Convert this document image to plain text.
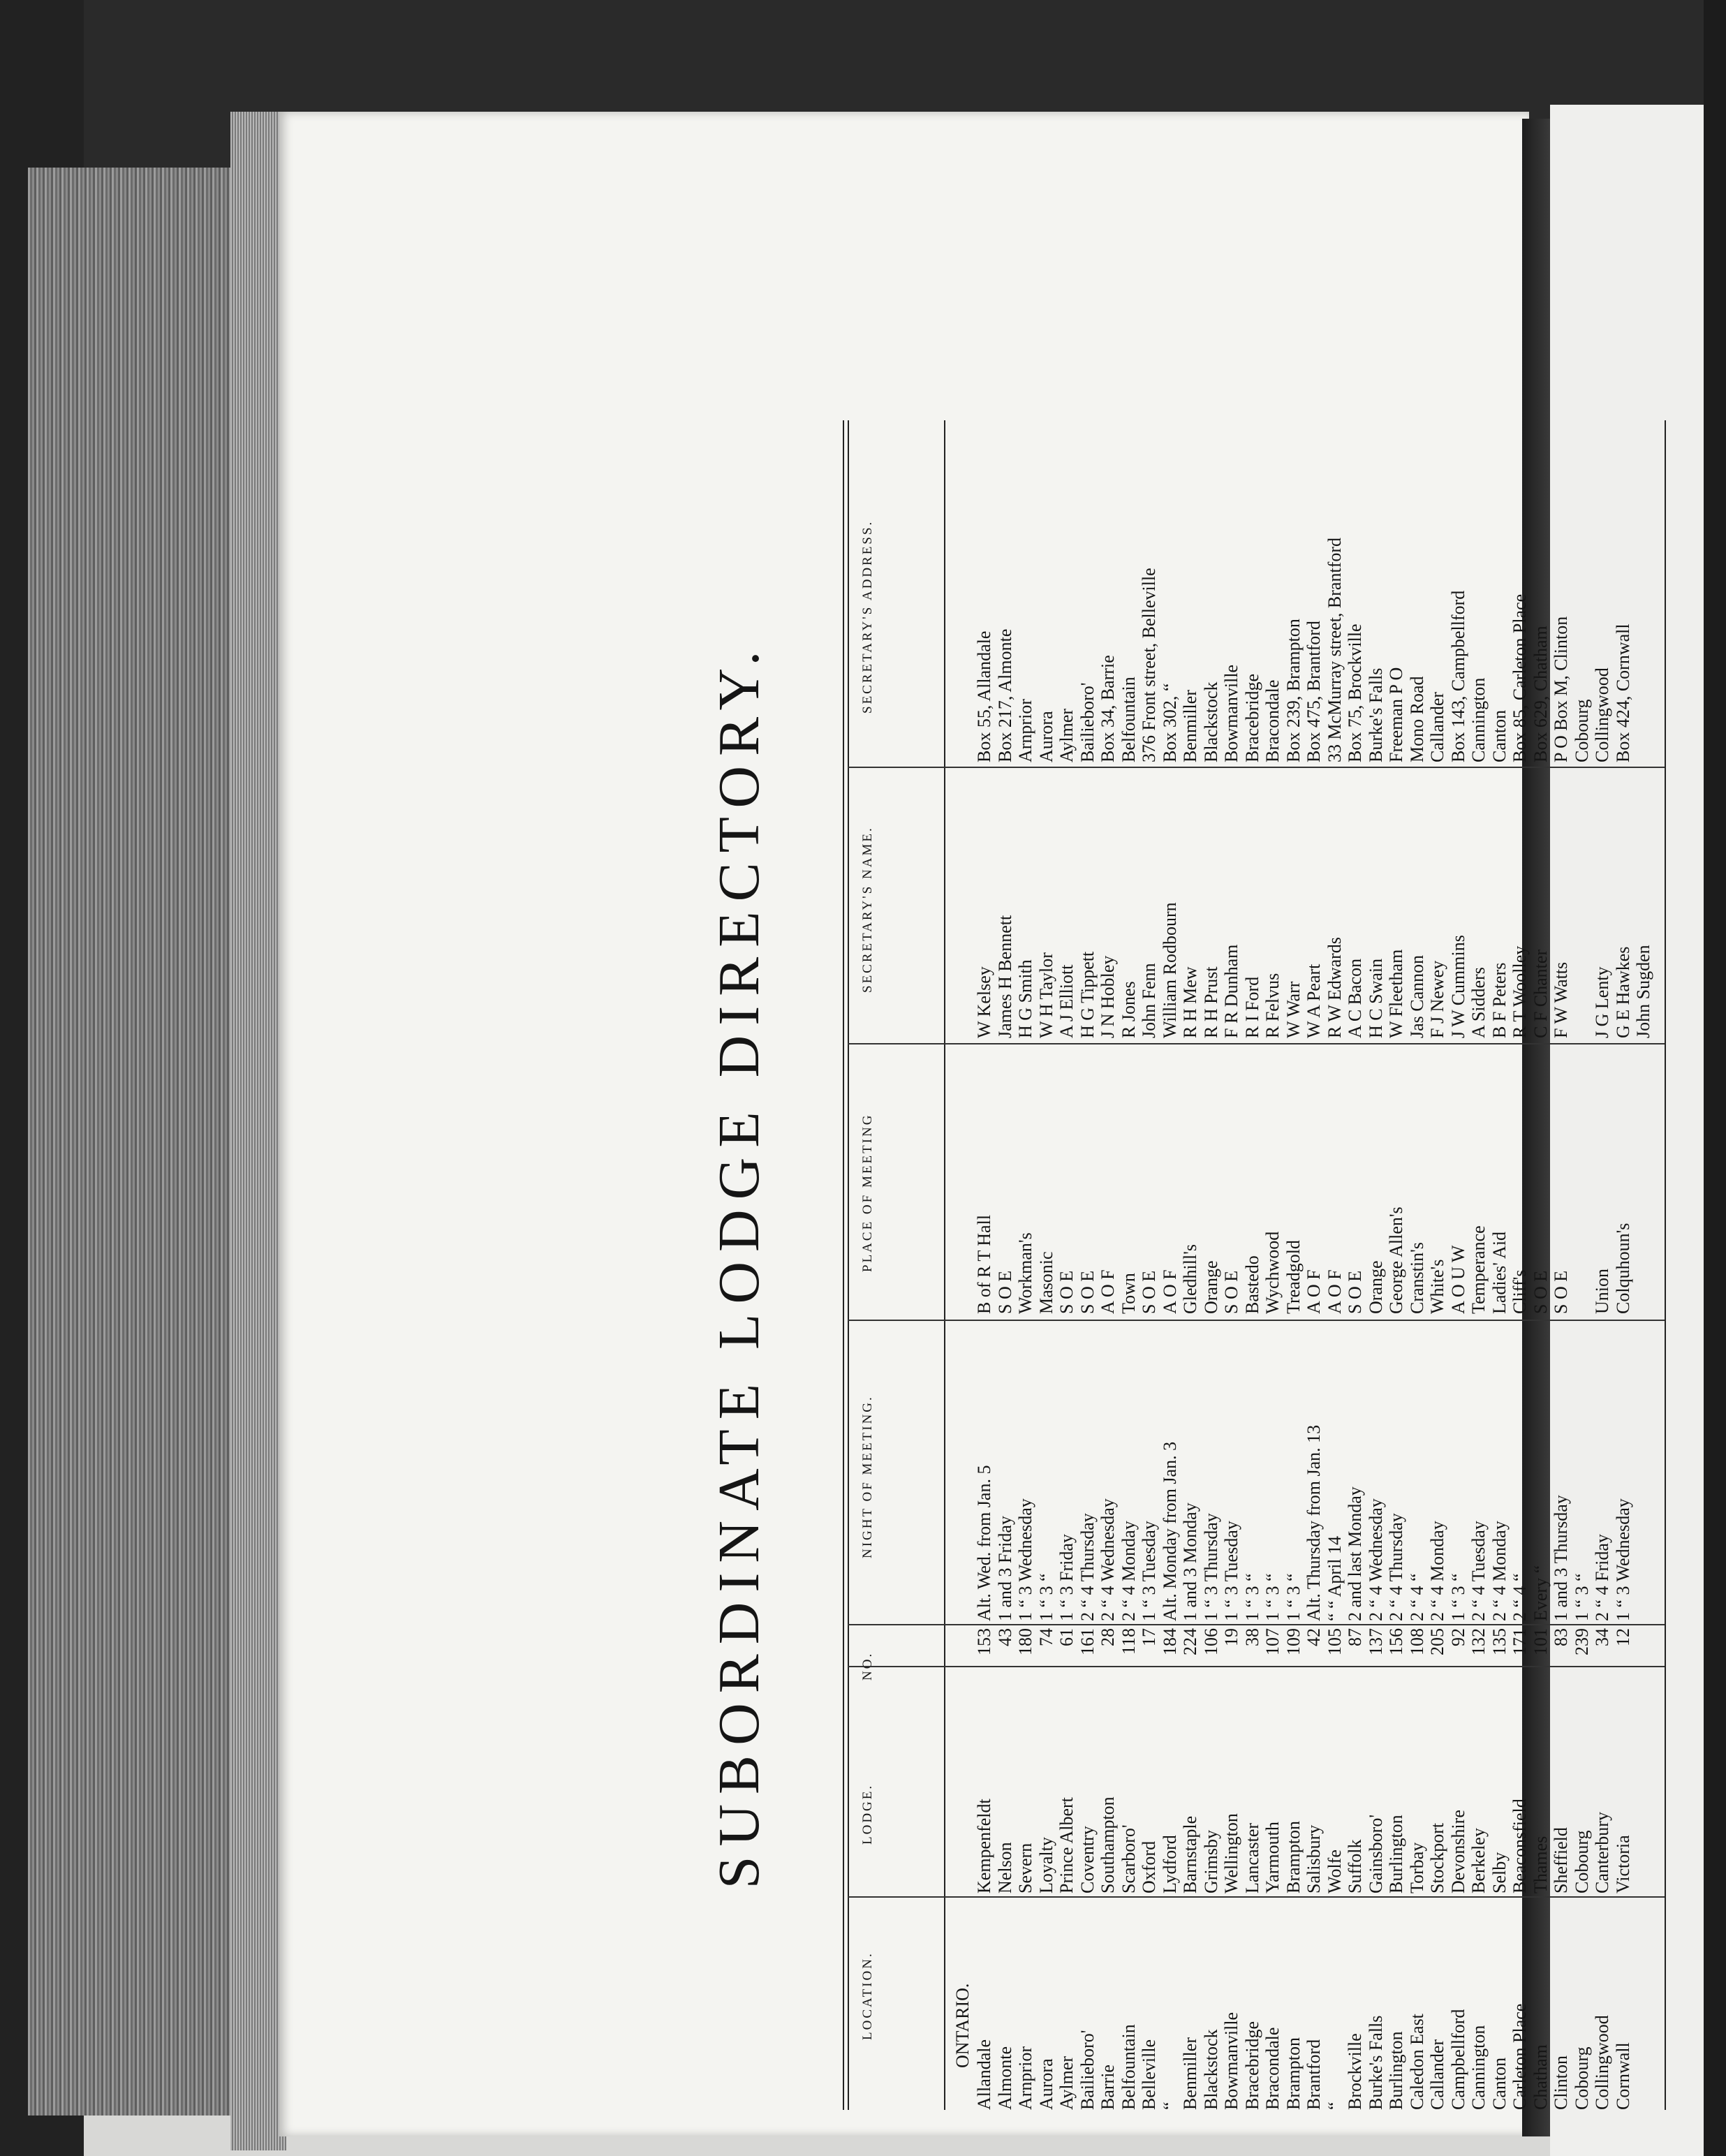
SUBORDINATE LODGE DIRECTORY.
LOCATION.
LODGE.
NO.
NIGHT OF MEETING.
PLACE OF MEETING
SECRETARY'S NAME.
SECRETARY'S ADDRESS.
ONTARIO.
Allandale
Kempenfeldt
153
Alt. Wed. from Jan. 5
B of R T Hall
W Kelsey
Box 55, Allandale
Almonte
Nelson
43
1 and 3 Friday
S O E
James H Bennett
Box 217, Almonte
Arnprior
Severn
180
1 “ 3 Wednesday
Workman's
H G Smith
Arnprior
Aurora
Loyalty
74
1 “ 3 “
Masonic
W H Taylor
Aurora
Aylmer
Prince Albert
61
1 “ 3 Friday
S O E
A J Elliott
Aylmer
Bailieboro'
Coventry
161
2 “ 4 Thursday
S O E
H G Tippett
Bailieboro'
Barrie
Southampton
28
2 “ 4 Wednesday
A O F
J N Hobley
Box 34, Barrie
Belfountain
Scarboro'
118
2 “ 4 Monday
Town
R Jones
Belfountain
Belleville
Oxford
17
1 “ 3 Tuesday
S O E
John Fenn
376 Front street, Belleville
“
Lydford
184
Alt. Monday from Jan. 3
A O F
William Rodbourn
Box 302, “
Benmiller
Barnstaple
224
1 and 3 Monday
Gledhill's
R H Mew
Benmiller
Blackstock
Grimsby
106
1 “ 3 Thursday
Orange
R H Prust
Blackstock
Bowmanville
Wellington
19
1 “ 3 Tuesday
S O E
F R Dunham
Bowmanville
Bracebridge
Lancaster
38
1 “ 3 “
Bastedo
R I Ford
Bracebridge
Bracondale
Yarmouth
107
1 “ 3 “
Wychwood
R Felvus
Bracondale
Brampton
Brampton
109
1 “ 3 “
Treadgold
W Warr
Box 239, Brampton
Brantford
Salisbury
42
Alt. Thursday from Jan. 13
A O F
W A Peart
Box 475, Brantford
“
Wolfe
105
“ “ April 14
A O F
R W Edwards
33 McMurray street, Brantford
Brockville
Suffolk
87
2 and last Monday
S O E
A C Bacon
Box 75, Brockville
Burke's Falls
Gainsboro'
137
2 “ 4 Wednesday
Orange
H C Swain
Burke's Falls
Burlington
Burlington
156
2 “ 4 Thursday
George Allen's
W Fleetham
Freeman P O
Caledon East
Torbay
108
2 “ 4 “
Cranstin's
Jas Cannon
Mono Road
Callander
Stockport
205
2 “ 4 Monday
White's
F J Newey
Callander
Campbellford
Devonshire
92
1 “ 3 “
A O U W
J W Cummins
Box 143, Campbellford
Cannington
Berkeley
132
2 “ 4 Tuesday
Temperance
A Sidders
Cannington
Canton
Selby
135
2 “ 4 Monday
Ladies' Aid
B F Peters
Canton
Carleton Place
Beaconsfield
171
2 “ 4 “
Cliff's
R T Woolley
Box 85, Carleton Place
Chatham
Thames
101
Every “
S O E
C F Chanter
Box 629, Chatham
Clinton
Sheffield
83
1 and 3 Thursday
S O E
F W Watts
P O Box M, Clinton
Cobourg
Cobourg
239
1 “ 3 “
Cobourg
Collingwood
Canterbury
34
2 “ 4 Friday
Union
J G Lenty
Collingwood
Cornwall
Victoria
12
1 “ 3 Wednesday
Colquhoun's
G E Hawkes
Box 424, Cornwall
John Sugden
